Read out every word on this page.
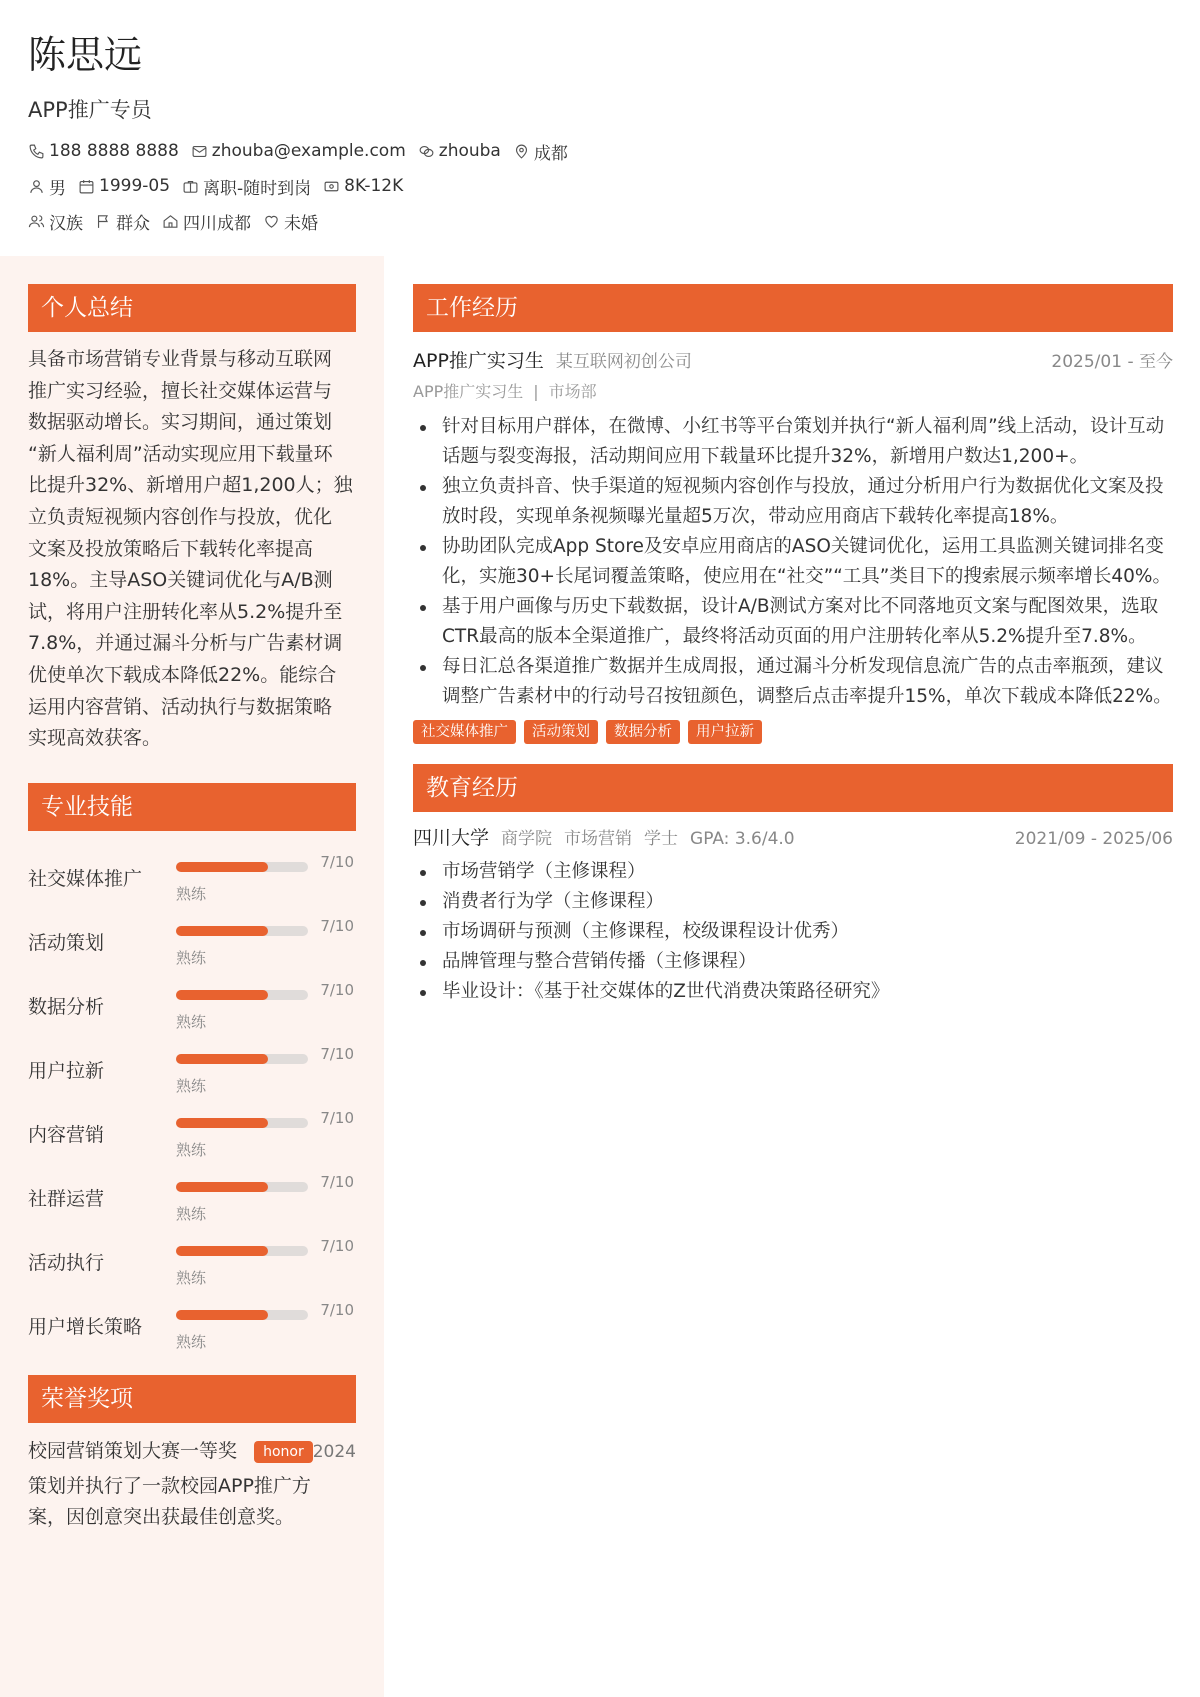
陈思远
APP推广专员
188 8888 8888 zhouba@example.com zhouba 成都
男 1999-05 离职-随时到岗 8K-12K
汉族 群众 四川成都 未婚
个人总结
具备市场营销专业背景与移动互联网
推广实习经验，擅长社交媒体运营与
数据驱动增长。实习期间，通过策划
“新人福利周”活动实现应用下载量环
比提升32%、新增用户超1,200人；独
立负责短视频内容创作与投放，优化
文案及投放策略后下载转化率提高
18%。主导ASO关键词优化与A/B测
试，将用户注册转化率从5.2%提升至
7.8%，并通过漏斗分析与广告素材调
优使单次下载成本降低22%。能综合
运用内容营销、活动执行与数据策略
实现高效获客。
专业技能
社交媒体推广
7/10
熟练
活动策划
7/10
熟练
数据分析
7/10
熟练
用户拉新
7/10
熟练
内容营销
7/10
熟练
社群运营
7/10
熟练
活动执行
7/10
熟练
用户增长策略
7/10
熟练
荣誉奖项
校园营销策划大赛一等奖	honor 2024
策划并执行了一款校园APP推广方案，因创意突出获最佳创意奖。
工作经历
APP推广实习生 某互联网初创公司	2025/01 - 至今
APP推广实习生 | 市场部
针对目标用户群体，在微博、小红书等平台策划并执行“新人福利周”线上活动，设计互动话题与裂变海报，活动期间应用下载量环比提升32%，新增用户数达1,200+。
独立负责抖音、快手渠道的短视频内容创作与投放，通过分析用户行为数据优化文案及投放时段，实现单条视频曝光量超5万次，带动应用商店下载转化率提高18%。
协助团队完成App Store及安卓应用商店的ASO关键词优化，运用工具监测关键词排名变化，实施30+长尾词覆盖策略，使应用在“社交”“工具”类目下的搜索展示频率增长40%。
基于用户画像与历史下载数据，设计A/B测试方案对比不同落地页文案与配图效果，选取CTR最高的版本全渠道推广，最终将活动页面的用户注册转化率从5.2%提升至7.8%。
每日汇总各渠道推广数据并生成周报，通过漏斗分析发现信息流广告的点击率瓶颈，建议调整广告素材中的行动号召按钮颜色，调整后点击率提升15%，单次下载成本降低22%。
社交媒体推广	活动策划	数据分析	用户拉新
教育经历
四川大学 商学院 市场营销 学士 GPA: 3.6/4.0	2021/09 - 2025/06
市场营销学（主修课程）
消费者行为学（主修课程）
市场调研与预测（主修课程，校级课程设计优秀）
品牌管理与整合营销传播（主修课程）
毕业设计：《基于社交媒体的Z世代消费决策路径研究》
